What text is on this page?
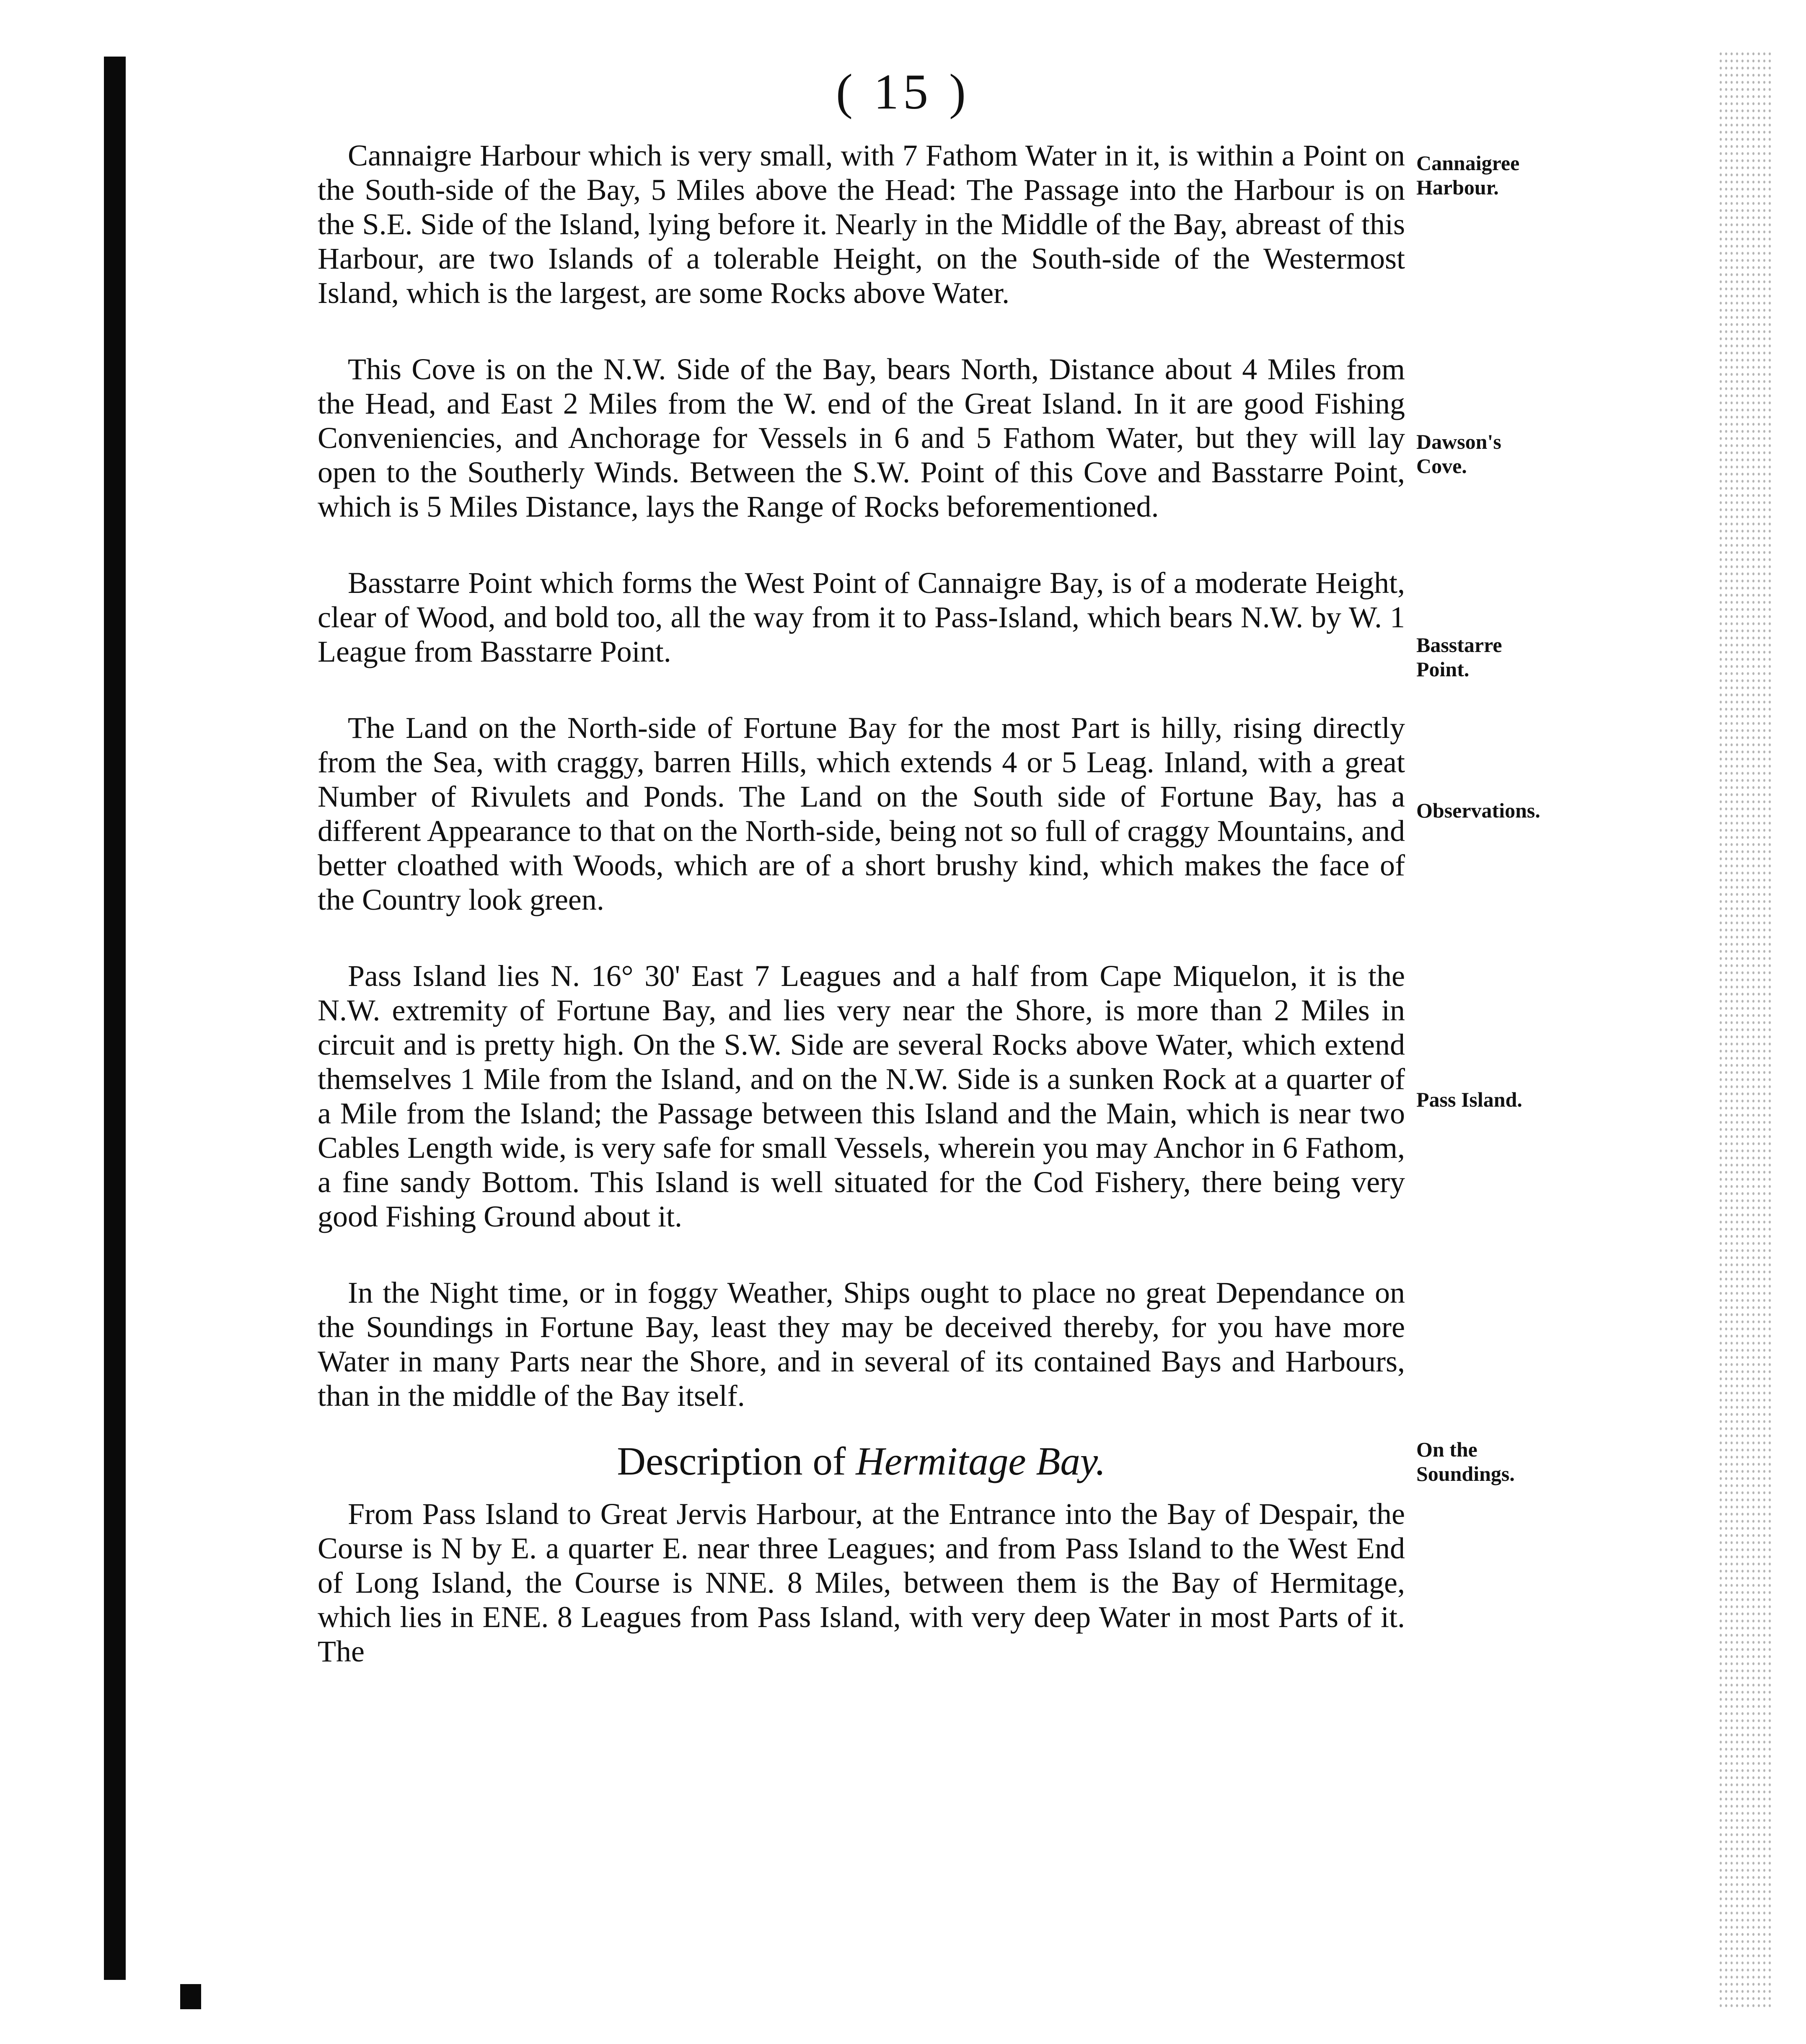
( 15 )

Cannaigre Harbour which is very small, with 7 Fathom Water in it, is within a Point on the South-side of the Bay, 5 Miles above the Head: The Passage into the Harbour is on the S.E. Side of the Island, lying before it. Nearly in the Middle of the Bay, abreast of this Harbour, are two Islands of a tolerable Height, on the South-side of the Westermost Island, which is the largest, are some Rocks above Water.

This Cove is on the N.W. Side of the Bay, bears North, Distance about 4 Miles from the Head, and East 2 Miles from the W. end of the Great Island. In it are good Fishing Conveniencies, and Anchorage for Vessels in 6 and 5 Fathom Water, but they will lay open to the Southerly Winds. Between the S.W. Point of this Cove and Basstarre Point, which is 5 Miles Distance, lays the Range of Rocks beforementioned.

Basstarre Point which forms the West Point of Cannaigre Bay, is of a moderate Height, clear of Wood, and bold too, all the way from it to Pass-Island, which bears N.W. by W. 1 League from Basstarre Point.

The Land on the North-side of Fortune Bay for the most Part is hilly, rising directly from the Sea, with craggy, barren Hills, which extends 4 or 5 Leag. Inland, with a great Number of Rivulets and Ponds. The Land on the South side of Fortune Bay, has a different Appearance to that on the North-side, being not so full of craggy Mountains, and better cloathed with Woods, which are of a short brushy kind, which makes the face of the Country look green.

Pass Island lies N. 16° 30' East 7 Leagues and a half from Cape Miquelon, it is the N.W. extremity of Fortune Bay, and lies very near the Shore, is more than 2 Miles in circuit and is pretty high. On the S.W. Side are several Rocks above Water, which extend themselves 1 Mile from the Island, and on the N.W. Side is a sunken Rock at a quarter of a Mile from the Island; the Passage between this Island and the Main, which is near two Cables Length wide, is very safe for small Vessels, wherein you may Anchor in 6 Fathom, a fine sandy Bottom. This Island is well situated for the Cod Fishery, there being very good Fishing Ground about it.

In the Night time, or in foggy Weather, Ships ought to place no great Dependance on the Soundings in Fortune Bay, least they may be deceived thereby, for you have more Water in many Parts near the Shore, and in several of its contained Bays and Harbours, than in the middle of the Bay itself.

Description of Hermitage Bay.

From Pass Island to Great Jervis Harbour, at the Entrance into the Bay of Despair, the Course is N by E. a quarter E. near three Leagues; and from Pass Island to the West End of Long Island, the Course is NNE. 8 Miles, between them is the Bay of Hermitage, which lies in ENE. 8 Leagues from Pass Island, with very deep Water in most Parts of it. The

Cannaigree Harbour.
Dawson's Cove.
Basstarre Point.
Observations.
Pass Island.
On the Soundings.
